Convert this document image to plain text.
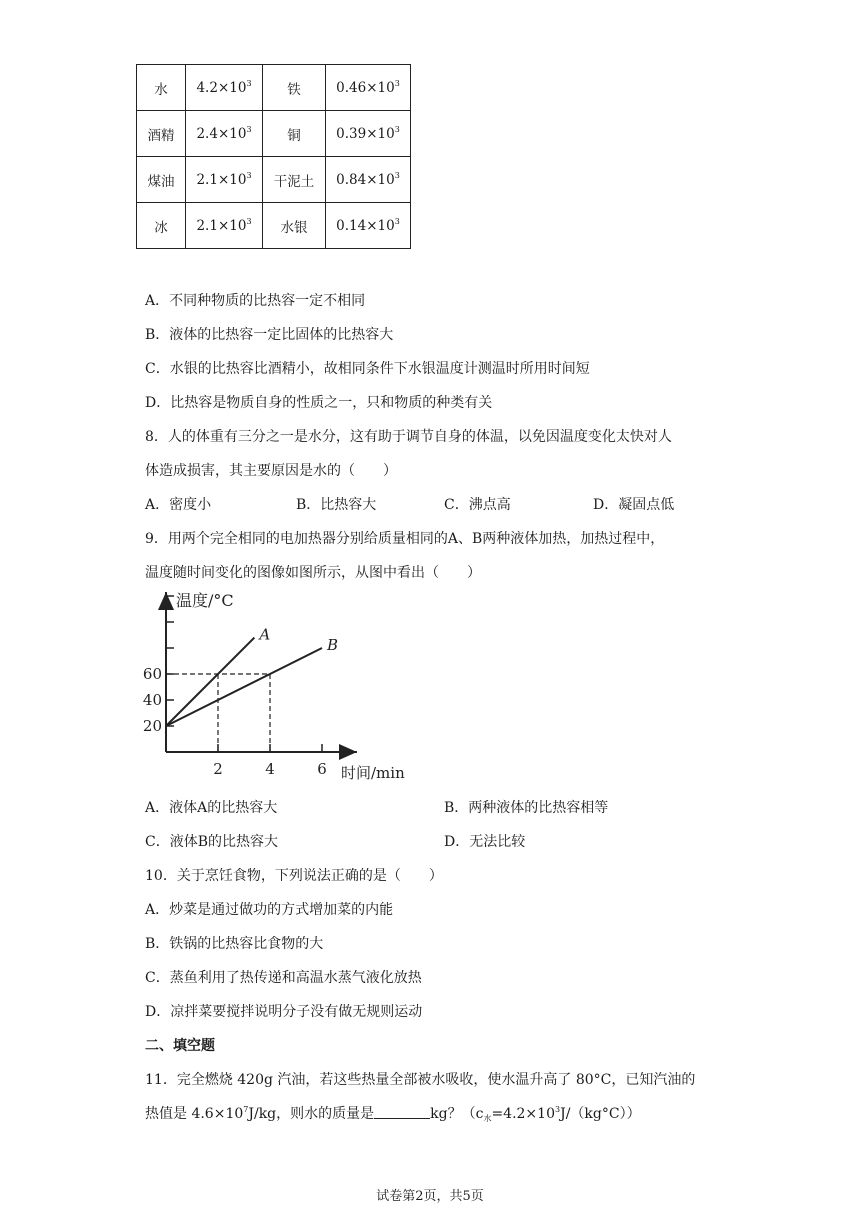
水	$4.2\times 10^3$	铁	$0.46\times 10^3$
酒精	$2.4\times 10^3$	铜	$0.39\times 10^3$
煤油	$2.1\times 10^3$	干泥土	$0.84\times 10^3$
冰	$2.1\times 10^3$	水银	$0.14\times 10^3$
A．不同种物质的比热容一定不相同
B．液体的比热容一定比固体的比热容大
C．水银的比热容比酒精小，故相同条件下水银温度计测温时所用时间短
D．比热容是物质自身的性质之一，只和物质的种类有关
8．人的体重有三分之一是水分，这有助于调节自身的体温，以免因温度变化太快对人
体造成损害，其主要原因是水的（　　）
A．密度小	B．比热容大	C．沸点高	D．凝固点低
9．用两个完全相同的电加热器分别给质量相同的A、B两种液体加热，加热过程中，
温度随时间变化的图像如图所示，从图中看出（　　）
20
40
60
2	4	6
A
B
温度/°C
时间/min
A．液体A的比热容大	B．两种液体的比热容相等
C．液体B的比热容大	D．无法比较
10．关于烹饪食物，下列说法正确的是（　　）
A．炒菜是通过做功的方式增加菜的内能
B．铁锅的比热容比食物的大
C．蒸鱼利用了热传递和高温水蒸气液化放热
D．凉拌菜要搅拌说明分子没有做无规则运动
二、填空题
11．完全燃烧 420g 汽油，若这些热量全部被水吸收，使水温升高了 80°C，已知汽油的
热值是 $4.6\times 10^7J/kg$，则水的质量是	kg？$(c_水=4.2\times 10^3J/(kg^\circ C))$
试卷第2页，共5页
